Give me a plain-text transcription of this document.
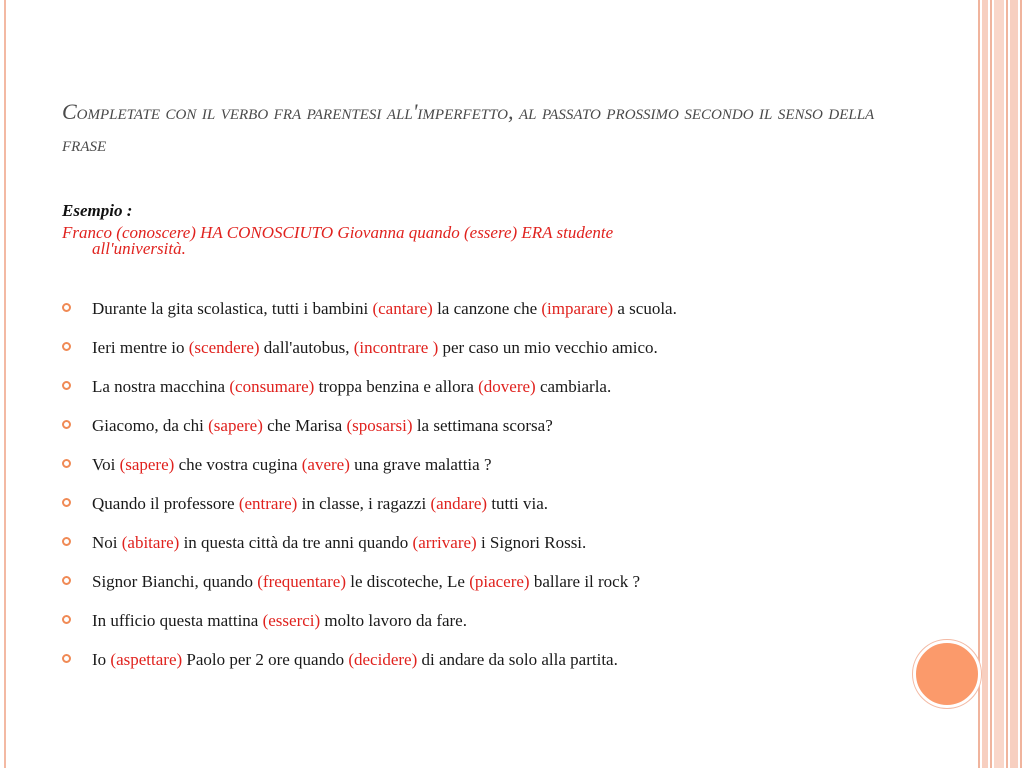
Completate con il verbo fra parentesi all'imperfetto, al passato prossimo secondo il senso della frase
Esempio :
Franco (conoscere) HA CONOSCIUTO Giovanna quando (essere) ERA studente
all'università.
Durante la gita scolastica, tutti i bambini (cantare) la canzone che (imparare) a scuola.
Ieri mentre io (scendere) dall'autobus, (incontrare ) per caso un mio vecchio amico.
La nostra macchina (consumare) troppa benzina e allora (dovere) cambiarla.
Giacomo, da chi (sapere) che Marisa (sposarsi) la settimana scorsa?
Voi (sapere) che vostra cugina (avere) una grave malattia ?
Quando il professore (entrare) in classe, i ragazzi (andare) tutti via.
Noi (abitare) in questa città da tre anni quando (arrivare) i Signori Rossi.
Signor Bianchi, quando (frequentare) le discoteche, Le (piacere) ballare il rock ?
In ufficio questa mattina (esserci) molto lavoro da fare.
Io (aspettare) Paolo per 2 ore quando (decidere) di andare da solo alla partita.
